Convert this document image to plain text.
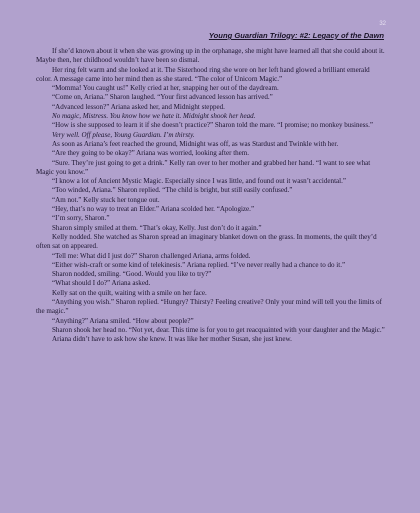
32
Young Guardian Trilogy: #2: Legacy of the Dawn

If she’d known about it when she was growing up in the orphanage, she might have learned all that she could about it. Maybe then, her childhood wouldn’t have been so dismal.

Her ring felt warm and she looked at it. The Sisterhood ring she wore on her left hand glowed a brilliant emerald color. A message came into her mind then as she stared. “The color of Unicorn Magic.”

“Momma! You caught us!” Kelly cried at her, snapping her out of the daydream.

“Come on, Ariana.” Sharon laughed. “Your first advanced lesson has arrived.”

“Advanced lesson?” Ariana asked her, and Midnight stepped.

No magic, Mistress. You know how we hate it. Midnight shook her head.

“How is she supposed to learn it if she doesn’t practice?” Sharon told the mare. “I promise; no monkey business.”

Very well. Off please, Young Guardian. I’m thirsty.

As soon as Ariana’s feet reached the ground, Midnight was off, as was Stardust and Twinkle with her.

“Are they going to be okay?” Ariana was worried, looking after them.

“Sure. They’re just going to get a drink.” Kelly ran over to her mother and grabbed her hand. “I want to see what Magic you know.”

“I know a lot of Ancient Mystic Magic. Especially since I was little, and found out it wasn’t accidental.”

“Too winded, Ariana.” Sharon replied. “The child is bright, but still easily confused.”

“Am not.” Kelly stuck her tongue out.

“Hey, that’s no way to treat an Elder.” Ariana scolded her. “Apologize.”

“I’m sorry, Sharon.”

Sharon simply smiled at them. “That’s okay, Kelly. Just don’t do it again.”

Kelly nodded. She watched as Sharon spread an imaginary blanket down on the grass. In moments, the quilt they’d often sat on appeared.

“Tell me: What did I just do?” Sharon challenged Ariana, arms folded.

“Either wish-craft or some kind of telekinesis.” Ariana replied. “I’ve never really had a chance to do it.”

Sharon nodded, smiling. “Good. Would you like to try?”

“What should I do?” Ariana asked.

Kelly sat on the quilt, waiting with a smile on her face.

“Anything you wish.” Sharon replied. “Hungry? Thirsty? Feeling creative? Only your mind will tell you the limits of the magic.”

“Anything?” Ariana smiled. “How about people?”

Sharon shook her head no. “Not yet, dear. This time is for you to get reacquainted with your daughter and the Magic.”

Ariana didn’t have to ask how she knew. It was like her mother Susan, she just knew.
